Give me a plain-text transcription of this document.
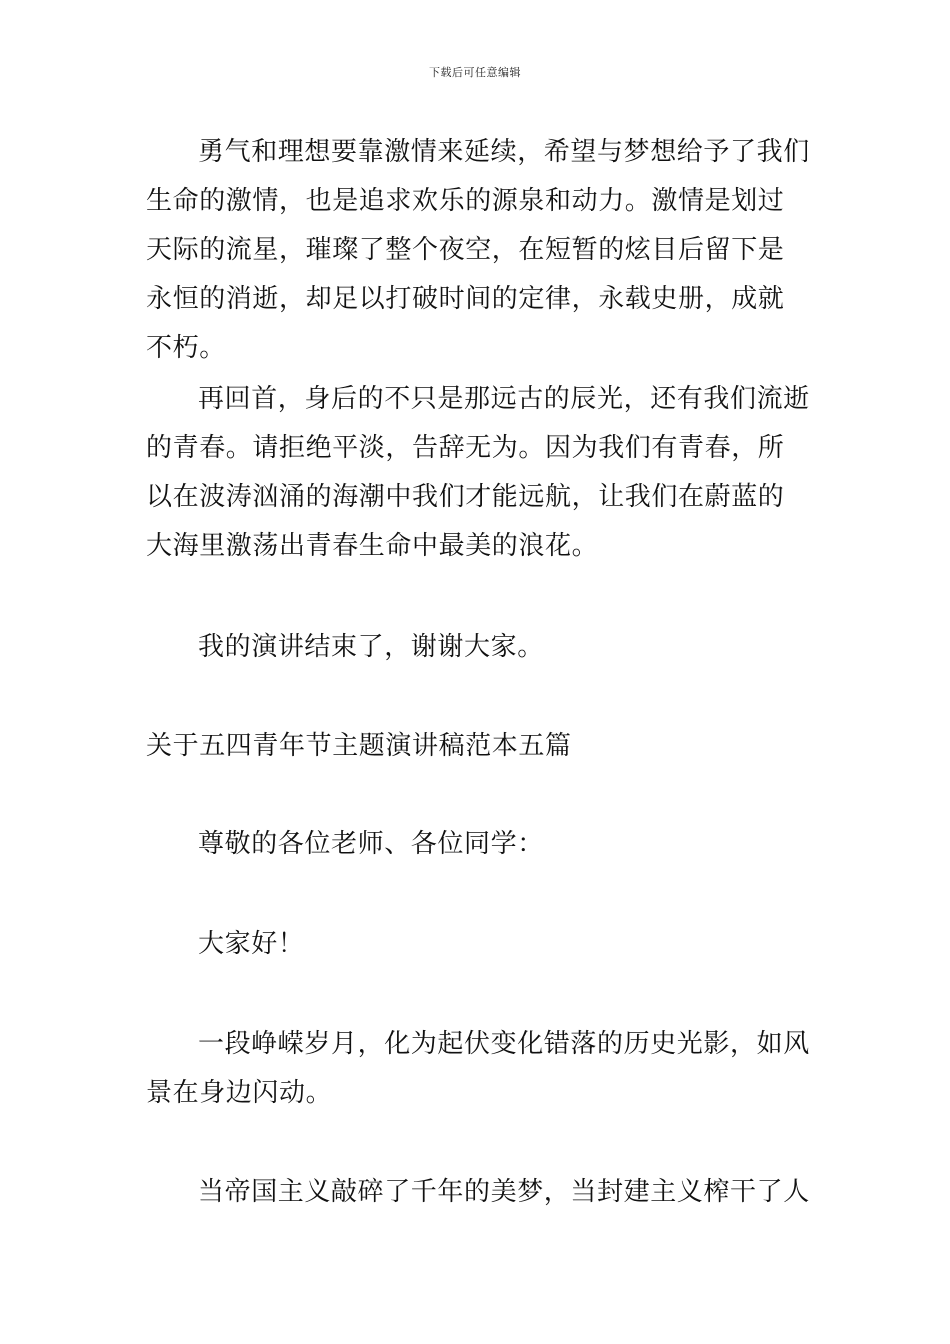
下载后可任意编辑

勇气和理想要靠激情来延续，希望与梦想给予了我们生命的激情，也是追求欢乐的源泉和动力。激情是划过天际的流星，璀璨了整个夜空，在短暂的炫目后留下是永恒的消逝，却足以打破时间的定律，永载史册，成就不朽。

再回首，身后的不只是那远古的辰光，还有我们流逝的青春。请拒绝平淡，告辞无为。因为我们有青春，所以在波涛汹涌的海潮中我们才能远航，让我们在蔚蓝的大海里激荡出青春生命中最美的浪花。

我的演讲结束了，谢谢大家。

关于五四青年节主题演讲稿范本五篇

尊敬的各位老师、各位同学：

大家好！

一段峥嵘岁月，化为起伏变化错落的历史光影，如风景在身边闪动。

当帝国主义敲碎了千年的美梦，当封建主义榨干了人
